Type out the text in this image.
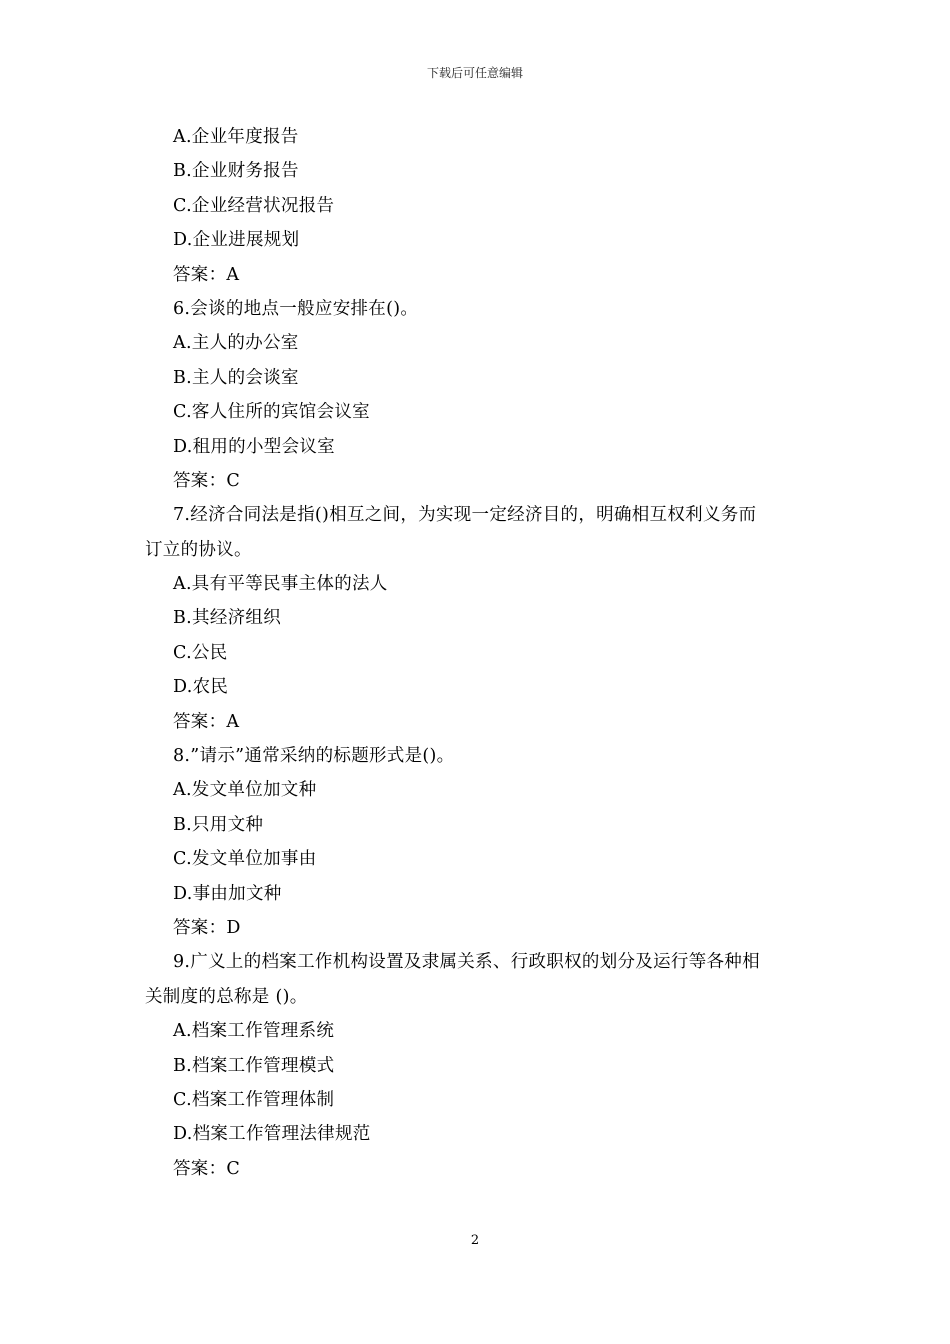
下载后可任意编辑
A.企业年度报告
B.企业财务报告
C.企业经营状况报告
D.企业进展规划
答案：A
6.会谈的地点一般应安排在()。
A.主人的办公室
B.主人的会谈室
C.客人住所的宾馆会议室
D.租用的小型会议室
答案：C
7.经济合同法是指()相互之间，为实现一定经济目的，明确相互权利义务而
订立的协议。
A.具有平等民事主体的法人
B.其经济组织
C.公民
D.农民
答案：A
8.”请示”通常采纳的标题形式是()。
A.发文单位加文种
B.只用文种
C.发文单位加事由
D.事由加文种
答案：D
9.广义上的档案工作机构设置及隶属关系、行政职权的划分及运行等各种相
关制度的总称是 ()。
A.档案工作管理系统
B.档案工作管理模式
C.档案工作管理体制
D.档案工作管理法律规范
答案：C
2
